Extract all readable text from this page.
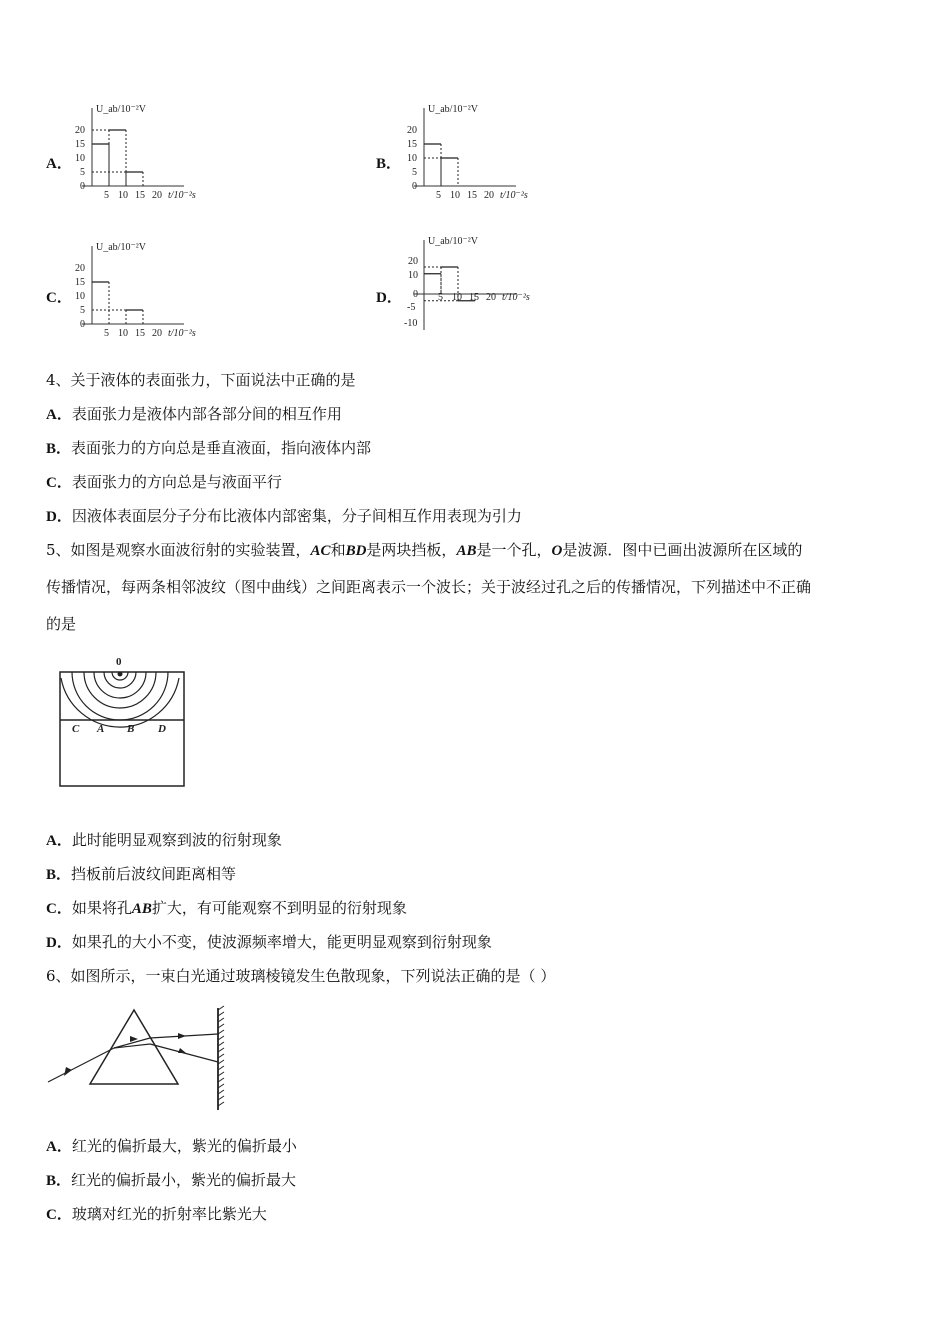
A．	B．
C．	D．
U_ab/10⁻²V
20
15
10
5
0
5 10 15 20 t/10⁻²s
U_ab/10⁻²V
20
15
10
5
0
5 10 15 20 t/10⁻²s
U_ab/10⁻²V
20
15
10
5
0
5 10 15 20 t/10⁻²s
U_ab/10⁻²V
20
10
0
-5
-10
5 10 15 20 t/10⁻²s
4、关于液体的表面张力，下面说法中正确的是
A．表面张力是液体内部各部分间的相互作用
B．表面张力的方向总是垂直液面，指向液体内部
C．表面张力的方向总是与液面平行
D．因液体表面层分子分布比液体内部密集，分子间相互作用表现为引力
5、如图是观察水面波衍射的实验装置，AC和BD是两块挡板，AB是一个孔，O是波源．图中已画出波源所在区域的
传播情况，每两条相邻波纹（图中曲线）之间距离表示一个波长；关于波经过孔之后的传播情况，下列描述中不正确
的是
0
C A B D
A．此时能明显观察到波的衍射现象
B．挡板前后波纹间距离相等
C．如果将孔AB扩大，有可能观察不到明显的衍射现象
D．如果孔的大小不变，使波源频率增大，能更明显观察到衍射现象
6、如图所示，一束白光通过玻璃棱镜发生色散现象，下列说法正确的是（ ）
A．红光的偏折最大，紫光的偏折最小
B．红光的偏折最小，紫光的偏折最大
C．玻璃对红光的折射率比紫光大
